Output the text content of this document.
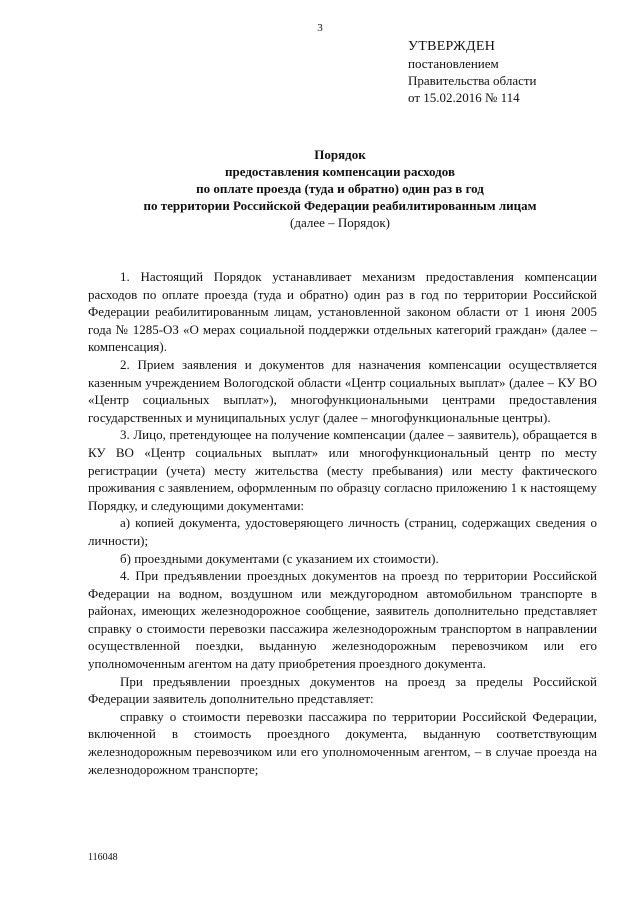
3
УТВЕРЖДЕН
постановлением
Правительства области
от 15.02.2016 № 114
Порядок
предоставления компенсации расходов
по оплате проезда (туда и обратно) один раз в год
по территории Российской Федерации реабилитированным лицам
(далее – Порядок)

1. Настоящий Порядок устанавливает механизм предоставления компенсации расходов по оплате проезда (туда и обратно) один раз в год по территории Российской Федерации реабилитированным лицам, установленной законом области от 1 июня 2005 года № 1285-ОЗ «О мерах социальной поддержки отдельных категорий граждан» (далее – компенсация).

2. Прием заявления и документов для назначения компенсации осуществляется казенным учреждением Вологодской области «Центр социальных выплат» (далее – КУ ВО «Центр социальных выплат»), многофункциональными центрами предоставления государственных и муниципальных услуг (далее – многофункциональные центры).

3. Лицо, претендующее на получение компенсации (далее – заявитель), обращается в КУ ВО «Центр социальных выплат» или многофункциональный центр по месту регистрации (учета) месту жительства (месту пребывания) или месту фактического проживания с заявлением, оформленным по образцу согласно приложению 1 к настоящему Порядку, и следующими документами:

а) копией документа, удостоверяющего личность (страниц, содержащих сведения о личности);

б) проездными документами (с указанием их стоимости).

4. При предъявлении проездных документов на проезд по территории Российской Федерации на водном, воздушном или междугородном автомобильном транспорте в районах, имеющих железнодорожное сообщение, заявитель дополнительно представляет справку о стоимости перевозки пассажира железнодорожным транспортом в направлении осуществленной поездки, выданную железнодорожным перевозчиком или его уполномоченным агентом на дату приобретения проездного документа.

При предъявлении проездных документов на проезд за пределы Российской Федерации заявитель дополнительно представляет:

справку о стоимости перевозки пассажира по территории Российской Федерации, включенной в стоимость проездного документа, выданную соответствующим железнодорожным перевозчиком или его уполномоченным агентом, – в случае проезда на железнодорожном транспорте;

116048
